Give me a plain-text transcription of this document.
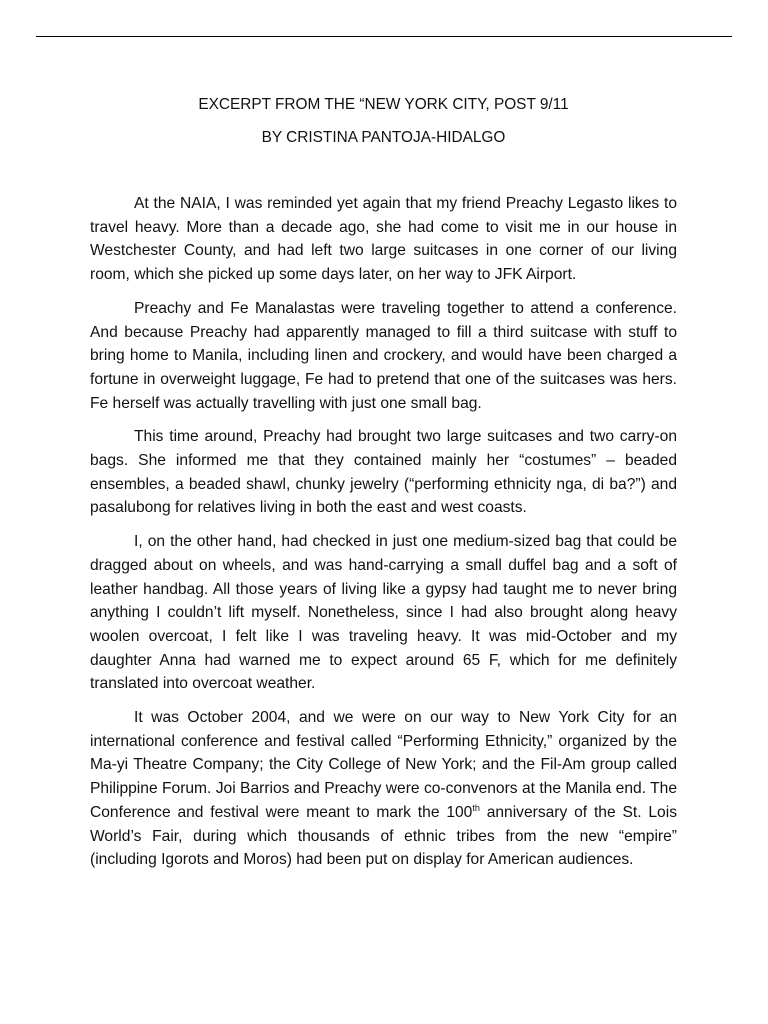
EXCERPT FROM THE “NEW YORK CITY, POST 9/11

BY CRISTINA PANTOJA-HIDALGO

At the NAIA, I was reminded yet again that my friend Preachy Legasto likes to travel heavy. More than a decade ago, she had come to visit me in our house in Westchester County, and had left two large suitcases in one corner of our living room, which she picked up some days later, on her way to JFK Airport.

Preachy and Fe Manalastas were traveling together to attend a conference. And because Preachy had apparently managed to fill a third suitcase with stuff to bring home to Manila, including linen and crockery, and would have been charged a fortune in overweight luggage, Fe had to pretend that one of the suitcases was hers. Fe herself was actually travelling with just one small bag.

This time around, Preachy had brought two large suitcases and two carry-on bags. She informed me that they contained mainly her “costumes” – beaded ensembles, a beaded shawl, chunky jewelry (“performing ethnicity nga, di ba?”) and pasalubong for relatives living in both the east and west coasts.

I, on the other hand, had checked in just one medium-sized bag that could be dragged about on wheels, and was hand-carrying a small duffel bag and a soft of leather handbag. All those years of living like a gypsy had taught me to never bring anything I couldn’t lift myself. Nonetheless, since I had also brought along heavy woolen overcoat, I felt like I was traveling heavy. It was mid-October and my daughter Anna had warned me to expect around 65 F, which for me definitely translated into overcoat weather.

It was October 2004, and we were on our way to New York City for an international conference and festival called “Performing Ethnicity,” organized by the Ma-yi Theatre Company; the City College of New York; and the Fil-Am group called Philippine Forum. Joi Barrios and Preachy were co-convenors at the Manila end. The Conference and festival were meant to mark the 100th anniversary of the St. Lois World’s Fair, during which thousands of ethnic tribes from the new “empire” (including Igorots and Moros) had been put on display for American audiences.
